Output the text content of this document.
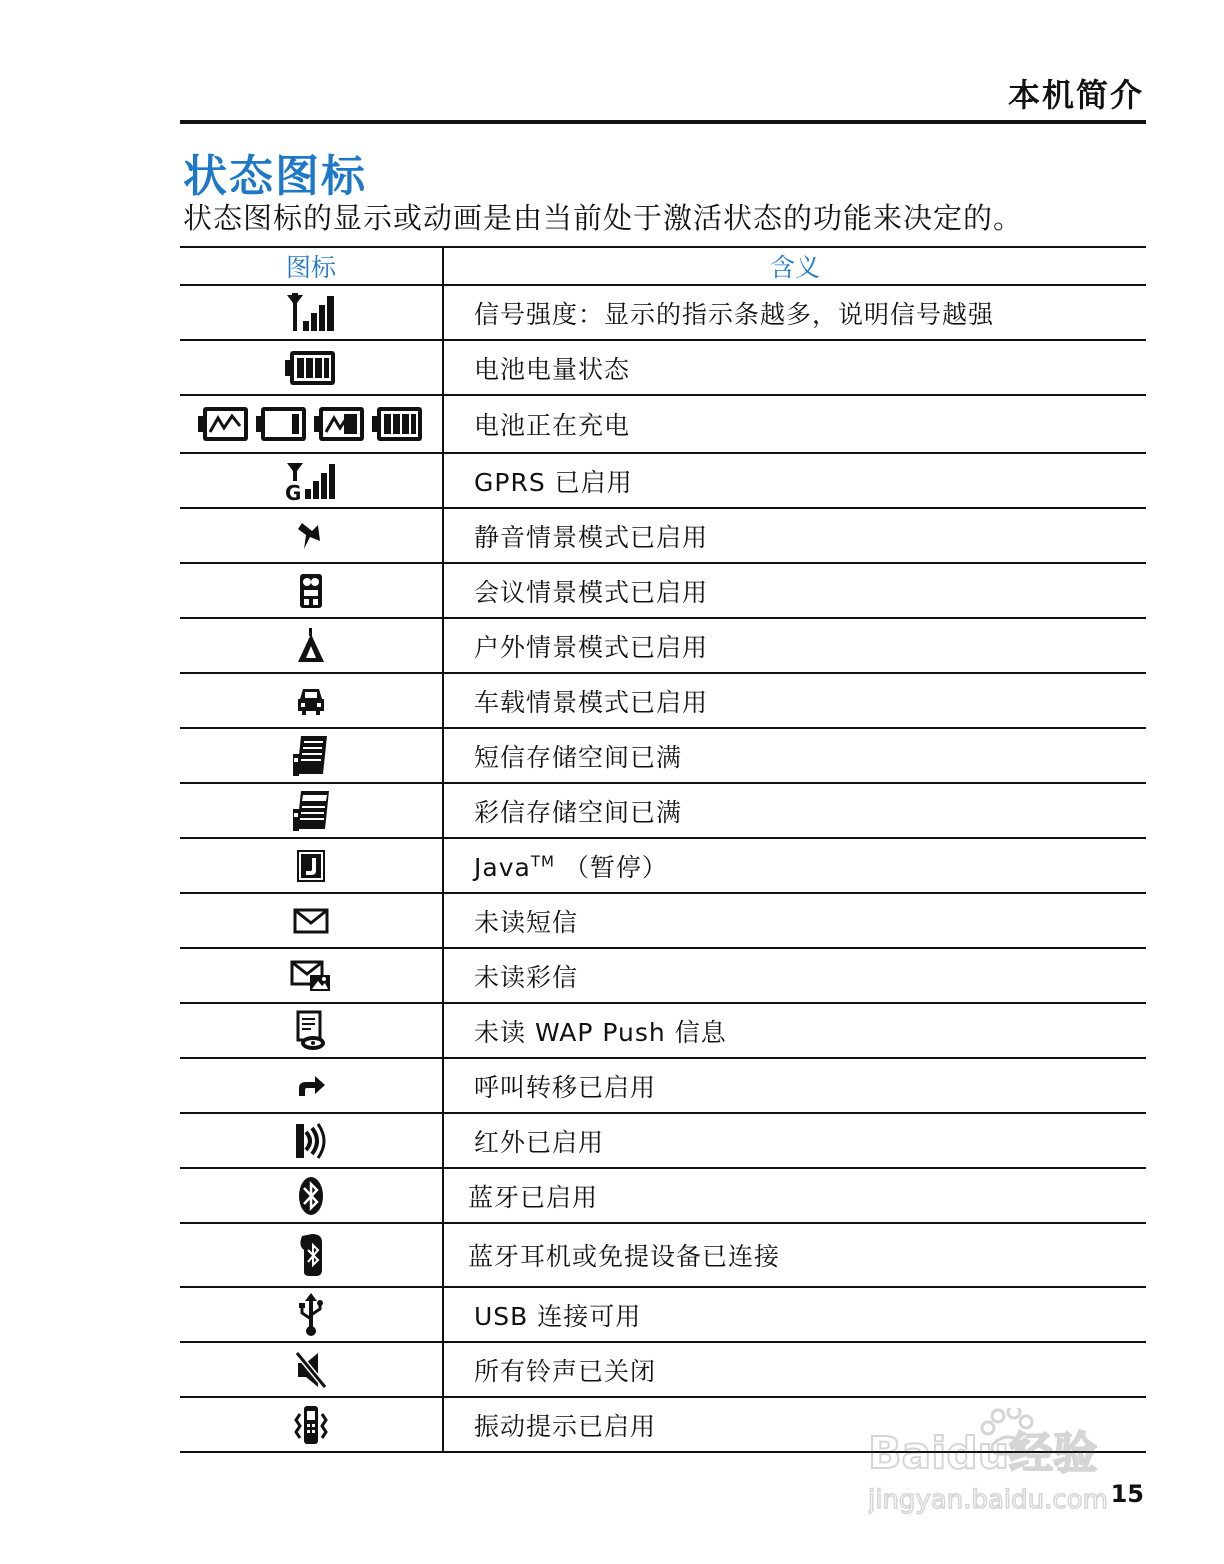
本机简介
状态图标
状态图标的显示或动画是由当前处于激活状态的功能来决定的。
图标	含义
	信号强度：显示的指示条越多，说明信号越强
	电池电量状态
	电池正在充电

G	GPRS 已启用
	静音情景模式已启用
	会议情景模式已启用
	户外情景模式已启用
	车载情景模式已启用
	短信存储空间已满
	彩信存储空间已满
	Java™ （暂停）
	未读短信
	未读彩信
	未读 WAP Push 信息
	呼叫转移已启用
	红外已启用
	蓝牙已启用
	蓝牙耳机或免提设备已连接
	USB 连接可用
	所有铃声已关闭
	振动提示已启用
15
Baidu经验
jingyan.baidu.com
